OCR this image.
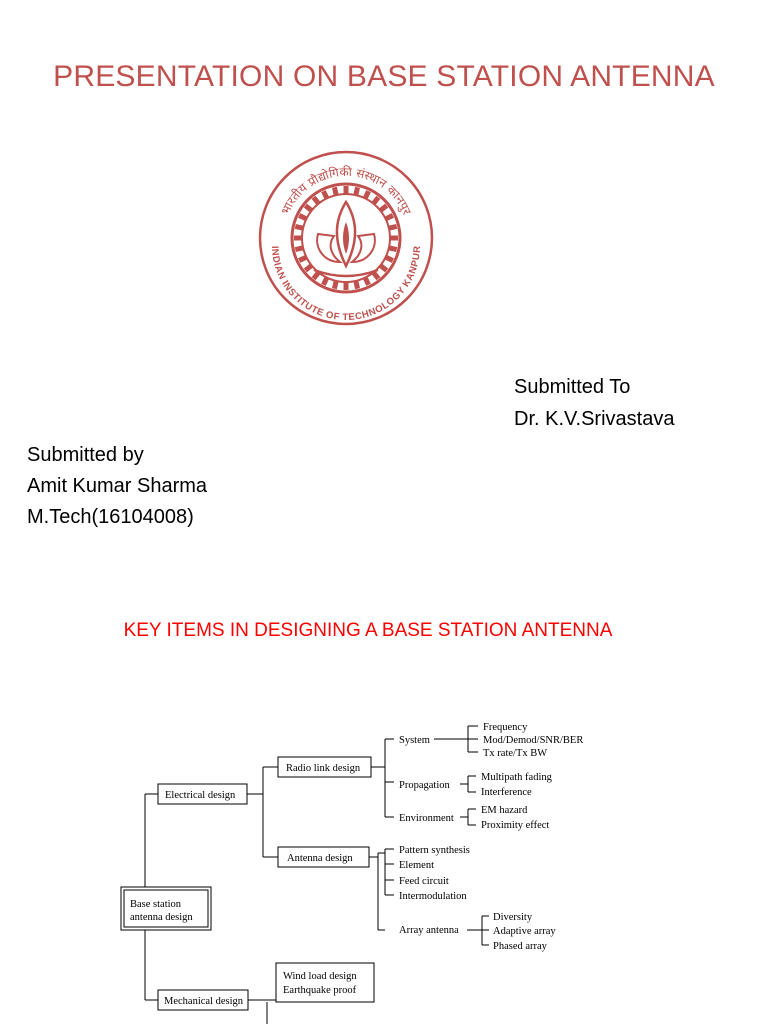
PRESENTATION ON BASE STATION ANTENNA
भारतीय प्रौद्योगिकी संस्थान कानपुर
INDIAN INSTITUTE OF TECHNOLOGY KANPUR
Submitted To
Dr. K.V.Srivastava
Submitted by
Amit Kumar Sharma
M.Tech(16104008)
KEY ITEMS IN DESIGNING A BASE STATION ANTENNA
Base station
antenna design
Electrical design
Mechanical design
Wind load design
Earthquake proof
Radio link design
System
Frequency
Mod/Demod/SNR/BER
Tx rate/Tx BW
Propagation
Multipath fading
Interference
Environment
EM hazard
Proximity effect
Antenna design
Pattern synthesis
Element
Feed circuit
Intermodulation
Array antenna
Diversity
Adaptive array
Phased array
